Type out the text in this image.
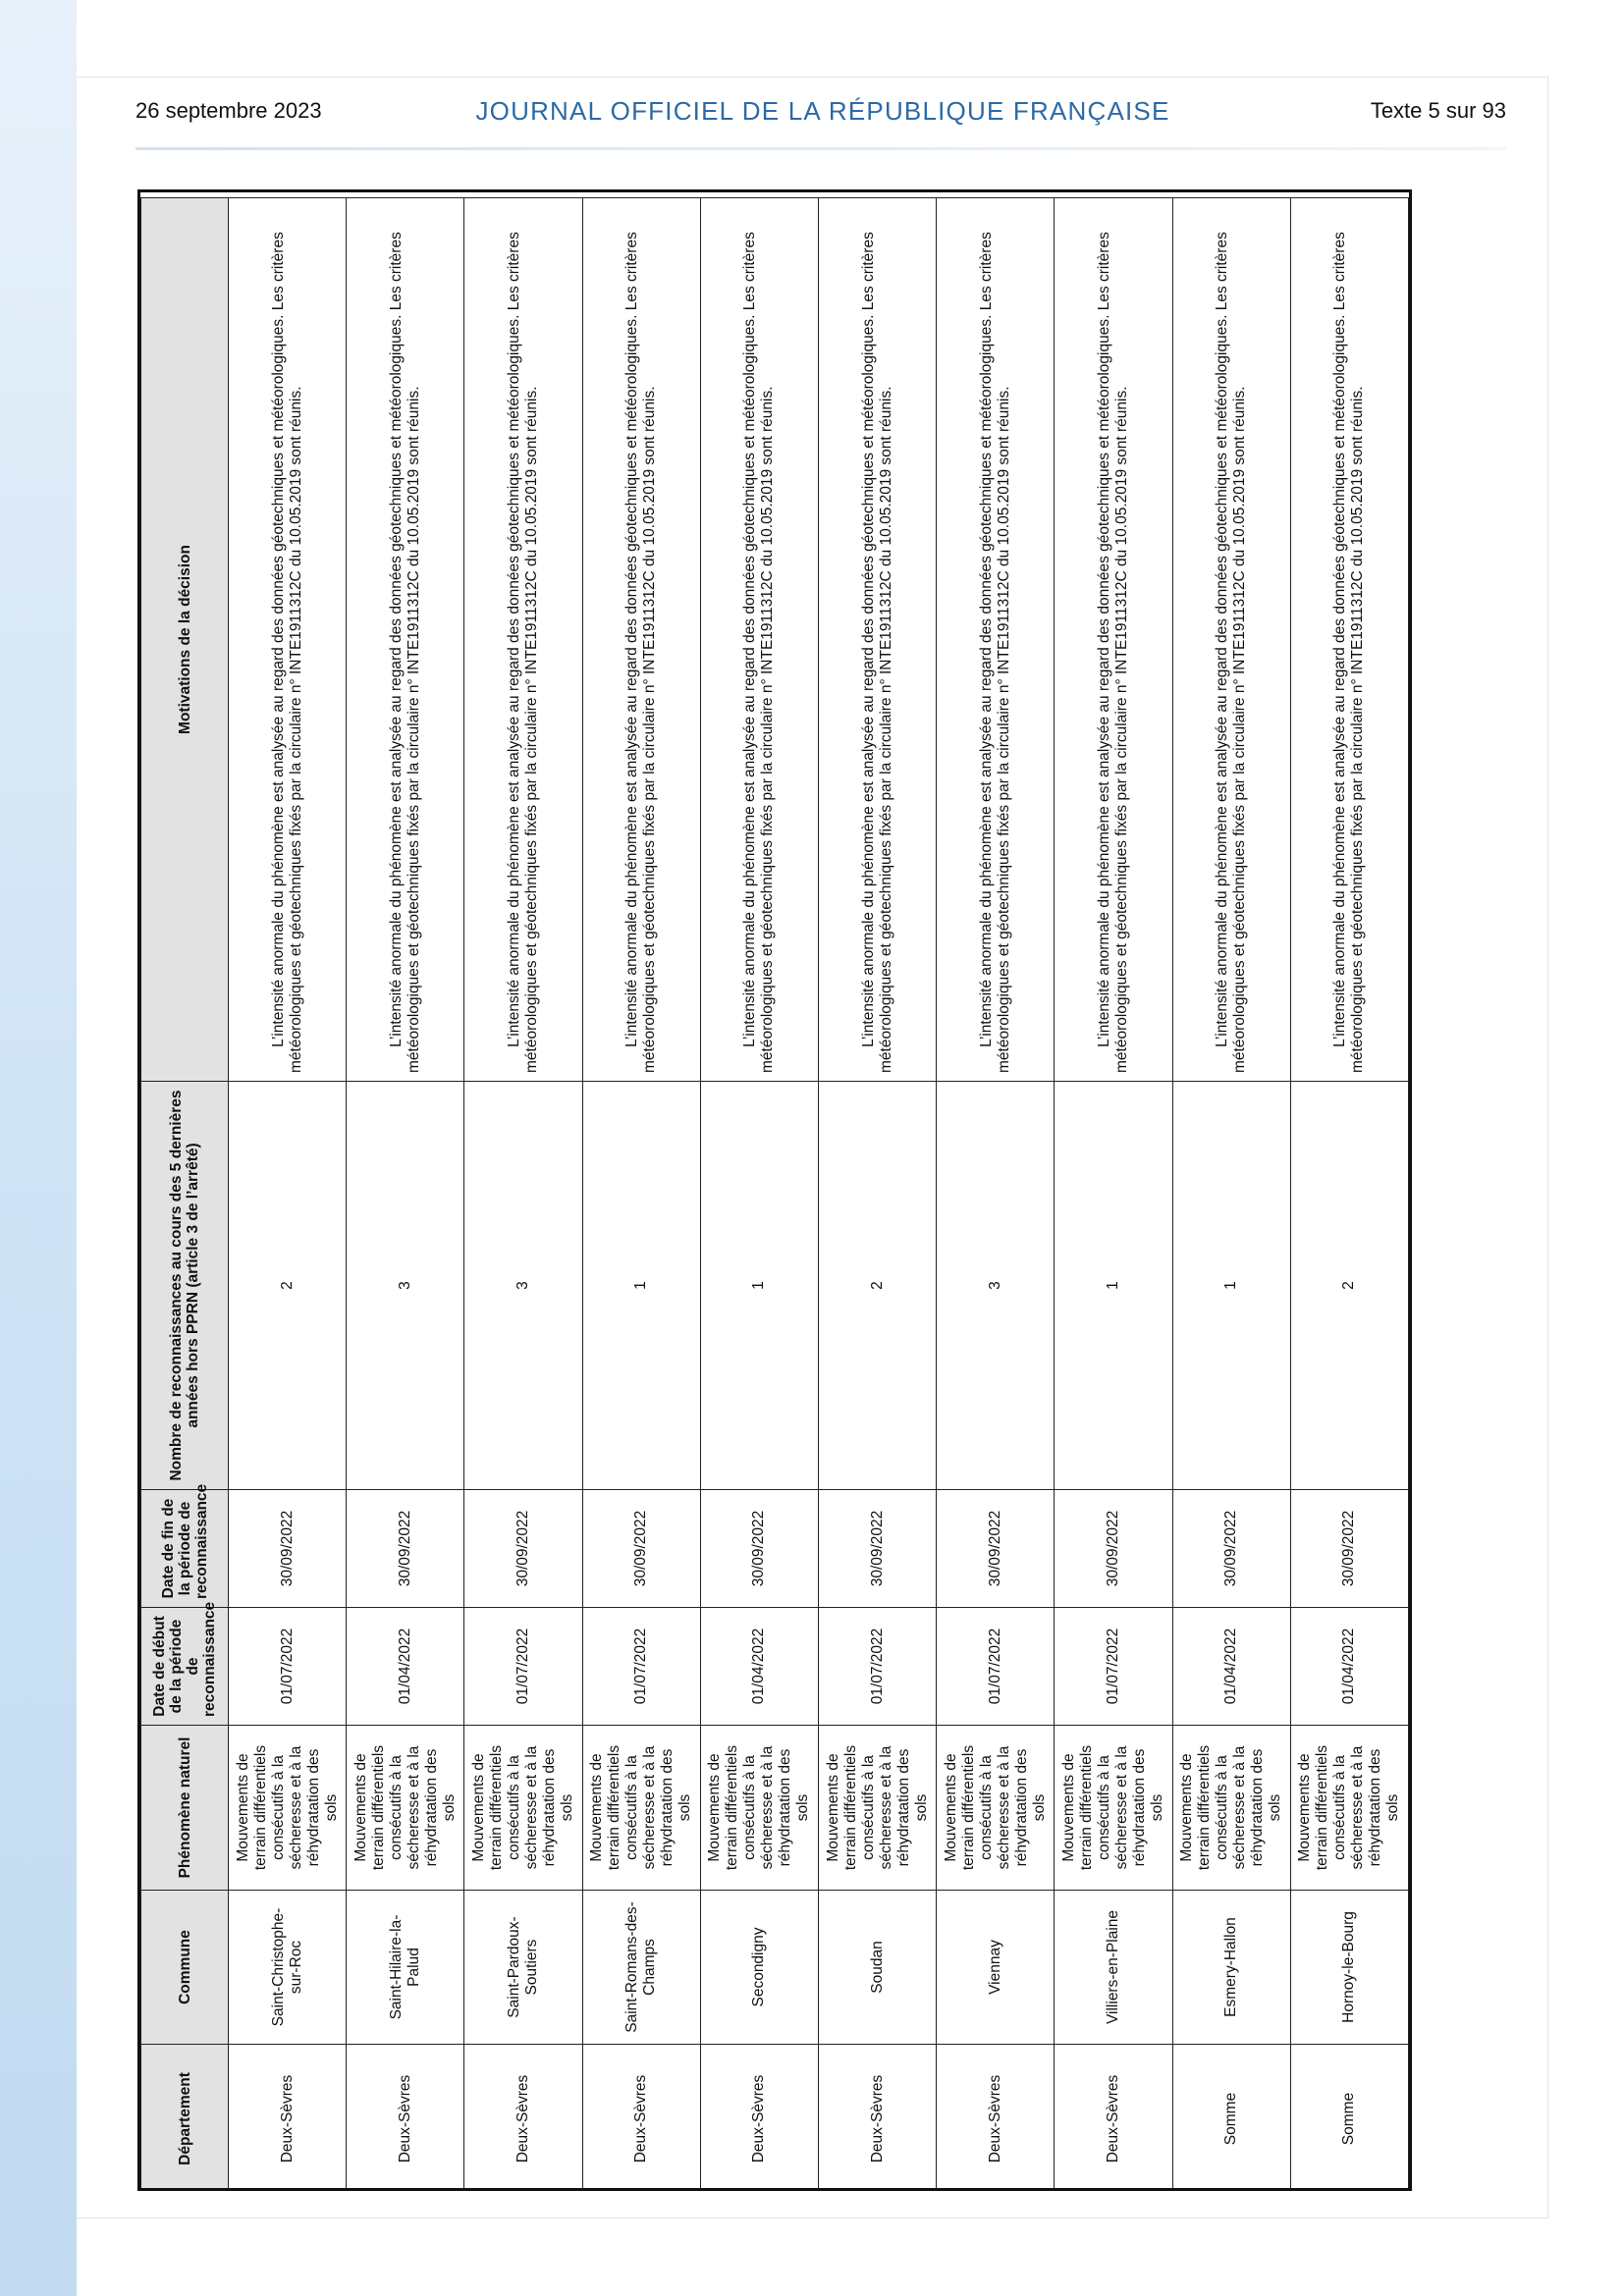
26 septembre 2023	JOURNAL OFFICIEL DE LA RÉPUBLIQUE FRANÇAISE	Texte 5 sur 93
Département	Commune	Phénomène naturel	Date de début de la période de reconnaissance	Date de fin de la période de reconnaissance	Nombre de reconnaissances au cours des 5 dernières années hors PPRN (article 3 de l’arrêté)	Motivations de la décision
Deux-Sèvres	Saint-Christophe-sur-Roc	Mouvements de terrain différentiels consécutifs à la sécheresse et à la réhydratation des sols	01/07/2022	30/09/2022	2	L’intensité anormale du phénomène est analysée au regard des données géotechniques et météorologiques. Les critères météorologiques et géotechniques fixés par la circulaire n° INTE1911312C du 10.05.2019 sont réunis.
Deux-Sèvres	Saint-Hilaire-la-Palud	Mouvements de terrain différentiels consécutifs à la sécheresse et à la réhydratation des sols	01/04/2022	30/09/2022	3	L’intensité anormale du phénomène est analysée au regard des données géotechniques et météorologiques. Les critères météorologiques et géotechniques fixés par la circulaire n° INTE1911312C du 10.05.2019 sont réunis.
Deux-Sèvres	Saint-Pardoux-Soutiers	Mouvements de terrain différentiels consécutifs à la sécheresse et à la réhydratation des sols	01/07/2022	30/09/2022	3	L’intensité anormale du phénomène est analysée au regard des données géotechniques et météorologiques. Les critères météorologiques et géotechniques fixés par la circulaire n° INTE1911312C du 10.05.2019 sont réunis.
Deux-Sèvres	Saint-Romans-des-Champs	Mouvements de terrain différentiels consécutifs à la sécheresse et à la réhydratation des sols	01/07/2022	30/09/2022	1	L’intensité anormale du phénomène est analysée au regard des données géotechniques et météorologiques. Les critères météorologiques et géotechniques fixés par la circulaire n° INTE1911312C du 10.05.2019 sont réunis.
Deux-Sèvres	Secondigny	Mouvements de terrain différentiels consécutifs à la sécheresse et à la réhydratation des sols	01/04/2022	30/09/2022	1	L’intensité anormale du phénomène est analysée au regard des données géotechniques et météorologiques. Les critères météorologiques et géotechniques fixés par la circulaire n° INTE1911312C du 10.05.2019 sont réunis.
Deux-Sèvres	Soudan	Mouvements de terrain différentiels consécutifs à la sécheresse et à la réhydratation des sols	01/07/2022	30/09/2022	2	L’intensité anormale du phénomène est analysée au regard des données géotechniques et météorologiques. Les critères météorologiques et géotechniques fixés par la circulaire n° INTE1911312C du 10.05.2019 sont réunis.
Deux-Sèvres	Viennay	Mouvements de terrain différentiels consécutifs à la sécheresse et à la réhydratation des sols	01/07/2022	30/09/2022	3	L’intensité anormale du phénomène est analysée au regard des données géotechniques et météorologiques. Les critères météorologiques et géotechniques fixés par la circulaire n° INTE1911312C du 10.05.2019 sont réunis.
Deux-Sèvres	Villiers-en-Plaine	Mouvements de terrain différentiels consécutifs à la sécheresse et à la réhydratation des sols	01/07/2022	30/09/2022	1	L’intensité anormale du phénomène est analysée au regard des données géotechniques et météorologiques. Les critères météorologiques et géotechniques fixés par la circulaire n° INTE1911312C du 10.05.2019 sont réunis.
Somme	Esmery-Hallon	Mouvements de terrain différentiels consécutifs à la sécheresse et à la réhydratation des sols	01/04/2022	30/09/2022	1	L’intensité anormale du phénomène est analysée au regard des données géotechniques et météorologiques. Les critères météorologiques et géotechniques fixés par la circulaire n° INTE1911312C du 10.05.2019 sont réunis.
Somme	Hornoy-le-Bourg	Mouvements de terrain différentiels consécutifs à la sécheresse et à la réhydratation des sols	01/04/2022	30/09/2022	2	L’intensité anormale du phénomène est analysée au regard des données géotechniques et météorologiques. Les critères météorologiques et géotechniques fixés par la circulaire n° INTE1911312C du 10.05.2019 sont réunis.
